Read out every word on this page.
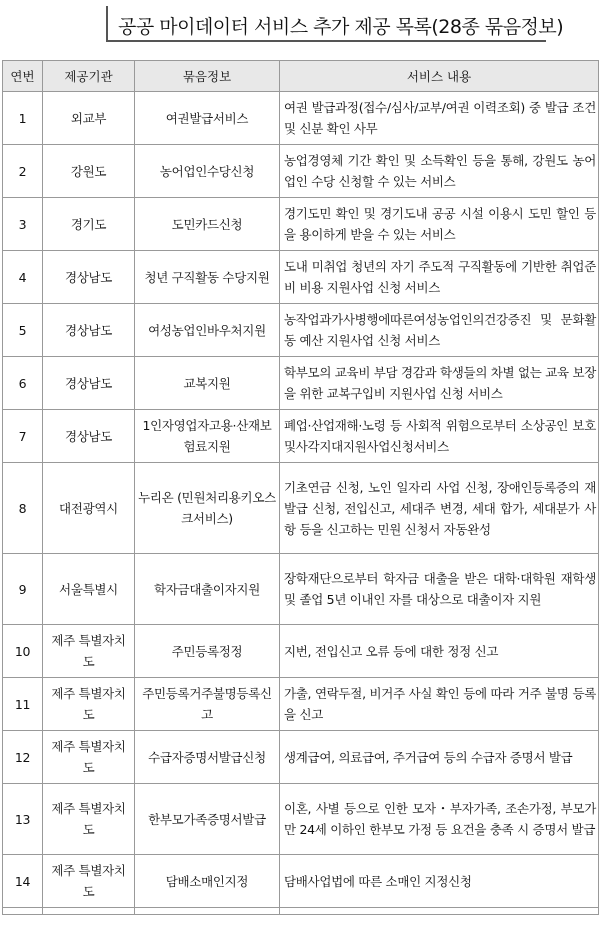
공공 마이데이터 서비스 추가 제공 목록(28종 묶음정보)
연번	제공기관	묶음정보	서비스 내용
1	외교부	여권발급서비스	여권 발급과정(접수/심사/교부/여권 이력조회) 중 발급 조건 및 신분 확인 사무
2	강원도	농어업인수당신청	농업경영체 기간 확인 및 소득확인 등을 통해, 강원도 농어업인 수당 신청할 수 있는 서비스
3	경기도	도민카드신청	경기도민 확인 및 경기도내 공공 시설 이용시 도민 할인 등을 용이하게 받을 수 있는 서비스
4	경상남도	청년 구직활동 수당지원	도내 미취업 청년의 자기 주도적 구직활동에 기반한 취업준비 비용 지원사업 신청 서비스
5	경상남도	여성농업인바우처지원	농작업과가사병행에따른여성농업인의건강증진 및 문화활동 예산 지원사업 신청 서비스
6	경상남도	교복지원	학부모의 교육비 부담 경감과 학생들의 차별 없는 교육 보장을 위한 교복구입비 지원사업 신청 서비스
7	경상남도	1인자영업자고용·산재보험료지원	폐업·산업재해·노령 등 사회적 위험으로부터 소상공인 보호및사각지대지원사업신청서비스
8	대전광역시	누리온 (민원처리용키오스크서비스)	기초연금 신청, 노인 일자리 사업 신청, 장애인등록증의 재발급 신청, 전입신고, 세대주 변경, 세대 합가, 세대분가 사항 등을 신고하는 민원 신청서 자동완성
9	서울특별시	학자금대출이자지원	장학재단으로부터 학자금 대출을 받은 대학·대학원 재학생 및 졸업 5년 이내인 자를 대상으로 대출이자 지원
10	제주 특별자치도	주민등록정정	지번, 전입신고 오류 등에 대한 정정 신고
11	제주 특별자치도	주민등록거주불명등록신고	가출, 연락두절, 비거주 사실 확인 등에 따라 거주 불명 등록을 신고
12	제주 특별자치도	수급자증명서발급신청	생계급여, 의료급여, 주거급여 등의 수급자 증명서 발급
13	제주 특별자치도	한부모가족증명서발급	이혼, 사별 등으로 인한 모자・부자가족, 조손가정, 부모가 만 24세 이하인 한부모 가정 등 요건을 충족 시 증명서 발급
14	제주 특별자치도	담배소매인지정	담배사업법에 따른 소매인 지정신청
